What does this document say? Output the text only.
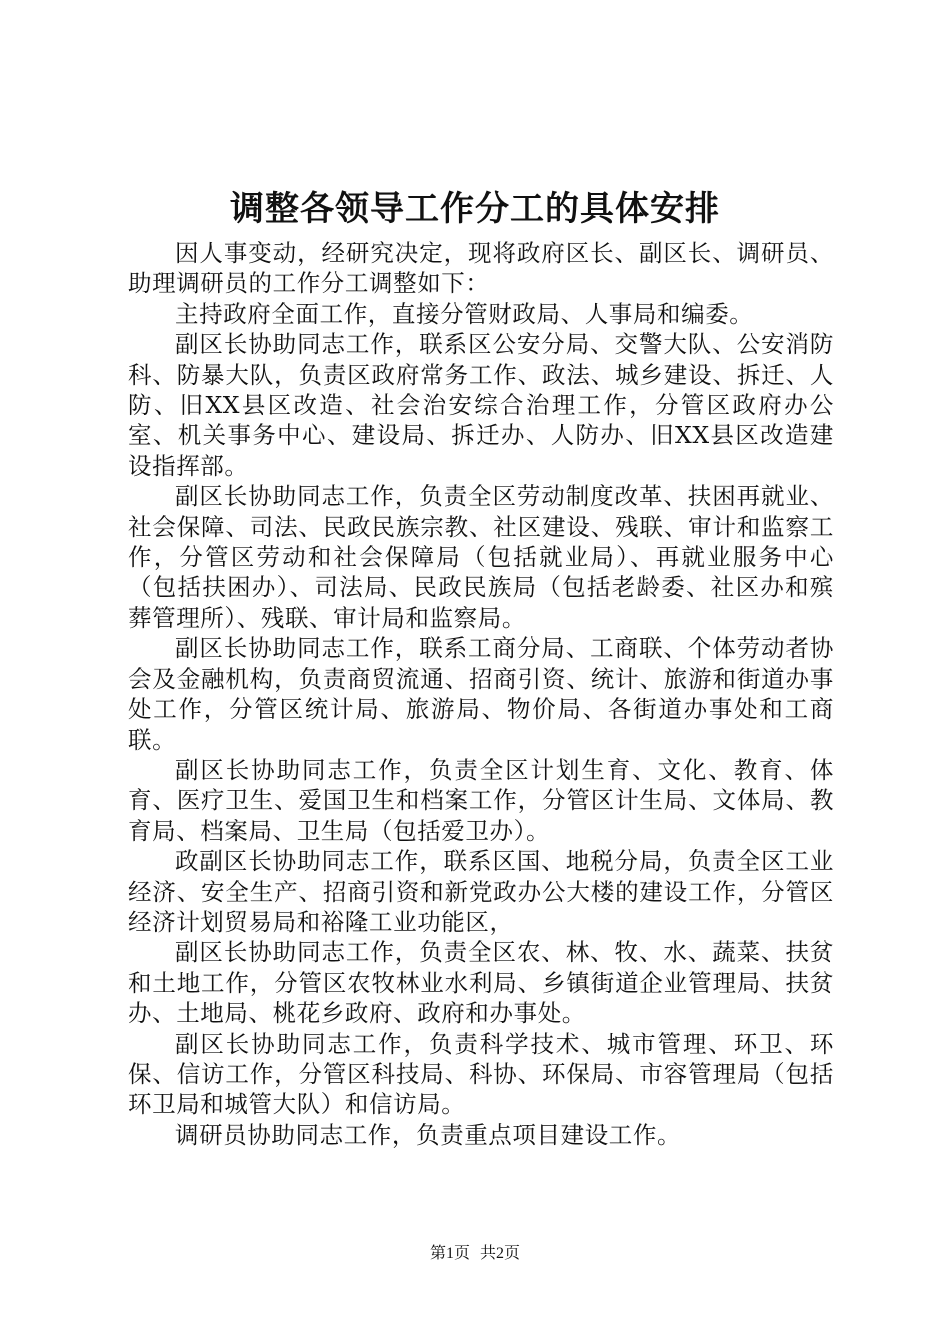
调整各领导工作分工的具体安排

因人事变动，经研究决定，现将政府区长、副区长、调研员、助理调研员的工作分工调整如下：

主持政府全面工作，直接分管财政局、人事局和编委。

副区长协助同志工作，联系区公安分局、交警大队、公安消防科、防暴大队，负责区政府常务工作、政法、城乡建设、拆迁、人防、旧XX县区改造、社会治安综合治理工作，分管区政府办公室、机关事务中心、建设局、拆迁办、人防办、旧XX县区改造建设指挥部。

副区长协助同志工作，负责全区劳动制度改革、扶困再就业、社会保障、司法、民政民族宗教、社区建设、残联、审计和监察工作，分管区劳动和社会保障局（包括就业局）、再就业服务中心（包括扶困办）、司法局、民政民族局（包括老龄委、社区办和殡葬管理所）、残联、审计局和监察局。

副区长协助同志工作，联系工商分局、工商联、个体劳动者协会及金融机构，负责商贸流通、招商引资、统计、旅游和街道办事处工作，分管区统计局、旅游局、物价局、各街道办事处和工商联。

副区长协助同志工作，负责全区计划生育、文化、教育、体育、医疗卫生、爱国卫生和档案工作，分管区计生局、文体局、教育局、档案局、卫生局（包括爱卫办）。

政副区长协助同志工作，联系区国、地税分局，负责全区工业经济、安全生产、招商引资和新党政办公大楼的建设工作，分管区经济计划贸易局和裕隆工业功能区，

副区长协助同志工作，负责全区农、林、牧、水、蔬菜、扶贫和土地工作，分管区农牧林业水利局、乡镇街道企业管理局、扶贫办、土地局、桃花乡政府、政府和办事处。

副区长协助同志工作，负责科学技术、城市管理、环卫、环保、信访工作，分管区科技局、科协、环保局、市容管理局（包括环卫局和城管大队）和信访局。

调研员协助同志工作，负责重点项目建设工作。

第1页 共2页
